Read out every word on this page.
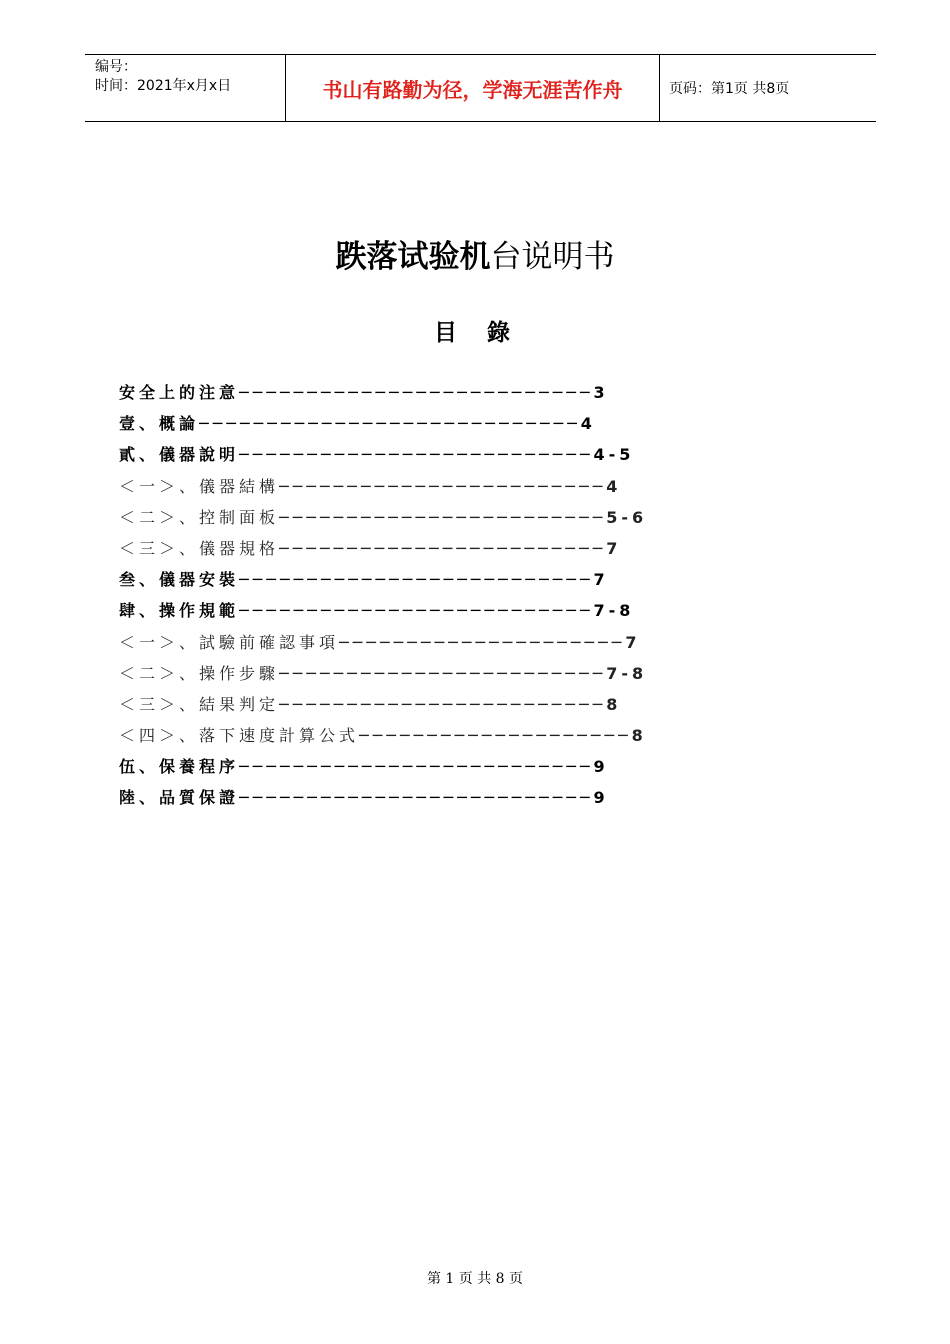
编号：
时间：2021年x月x日	书山有路勤为径，学海无涯苦作舟	页码：第1页 共8页
跌落试验机台说明书
目錄
安全上的注意──────────────────────────3
壹、概論────────────────────────────4
貳、儀器說明──────────────────────────4-5
＜一＞、儀器結構────────────────────────4
＜二＞、控制面板────────────────────────5-6
＜三＞、儀器規格────────────────────────7
叁、儀器安裝──────────────────────────7
肆、操作規範──────────────────────────7-8
＜一＞、試驗前確認事項─────────────────────7
＜二＞、操作步驟────────────────────────7-8
＜三＞、結果判定────────────────────────8
＜四＞、落下速度計算公式────────────────────8
伍、保養程序──────────────────────────9
陸、品質保證──────────────────────────9
第 1 页 共 8 页
